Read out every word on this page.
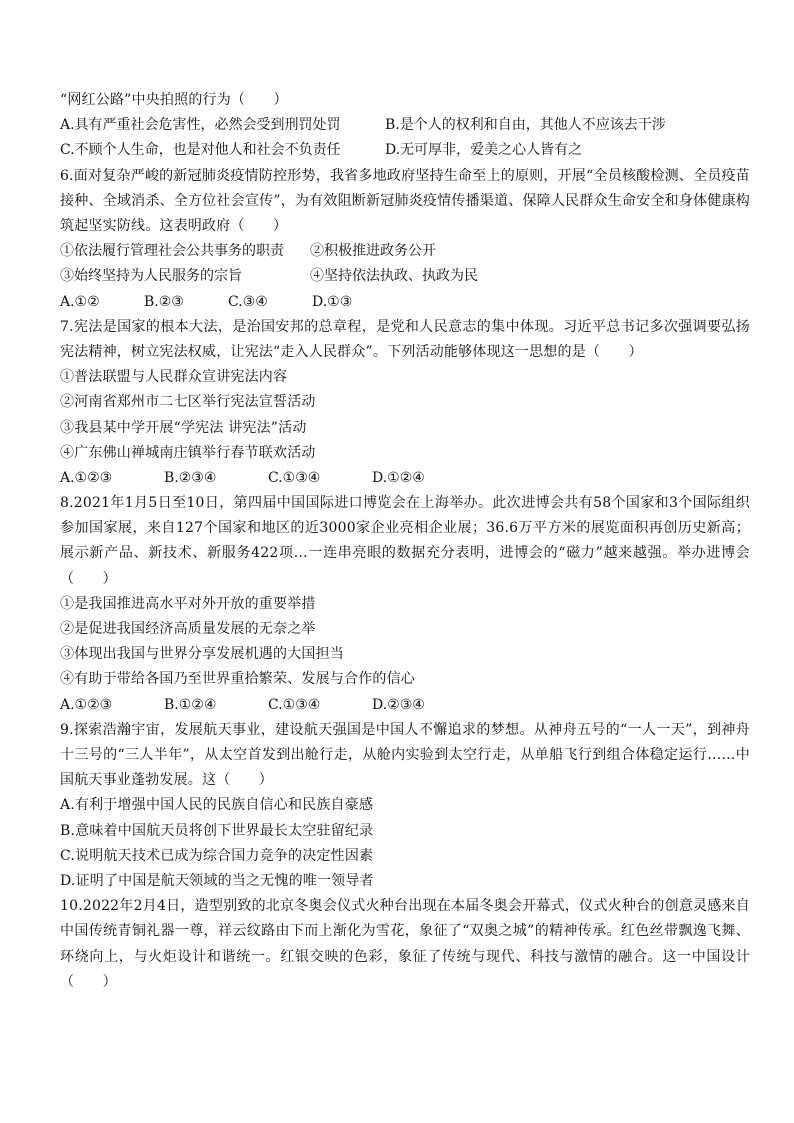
“网红公路”中央拍照的行为（　　）
A.具有严重社会危害性，必然会受到刑罚处罚	B.是个人的权利和自由，其他人不应该去干涉
C.不顾个人生命，也是对他人和社会不负责任	D.无可厚非，爱美之心人皆有之
6.面对复杂严峻的新冠肺炎疫情防控形势，我省多地政府坚持生命至上的原则，开展“全员核酸检测、全员疫苗接种、全域消杀、全方位社会宣传”，为有效阻断新冠肺炎疫情传播渠道、保障人民群众生命安全和身体健康构筑起坚实防线。这表明政府（　　）
①依法履行管理社会公共事务的职责	②积极推进政务公开
③始终坚持为人民服务的宗旨	④坚持依法执政、执政为民
A.①②	B.②③	C.③④	D.①③
7.宪法是国家的根本大法，是治国安邦的总章程，是党和人民意志的集中体现。习近平总书记多次强调要弘扬宪法精神，树立宪法权威，让宪法“走入人民群众”。下列活动能够体现这一思想的是（　　）
①普法联盟与人民群众宣讲宪法内容
②河南省郑州市二七区举行宪法宣誓活动
③我县某中学开展“学宪法 讲宪法”活动
④广东佛山禅城南庄镇举行春节联欢活动
A.①②③	B.②③④	C.①③④	D.①②④
8.2021年1月5日至10日，第四届中国国际进口博览会在上海举办。此次进博会共有58个国家和3个国际组织参加国家展，来自127个国家和地区的近3000家企业亮相企业展；36.6万平方米的展览面积再创历史新高；展示新产品、新技术、新服务422项…一连串亮眼的数据充分表明，进博会的“磁力”越来越强。举办进博会（　　）
①是我国推进高水平对外开放的重要举措
②是促进我国经济高质量发展的无奈之举
③体现出我国与世界分享发展机遇的大国担当
④有助于带给各国乃至世界重拾繁荣、发展与合作的信心
A.①②③	B.①②④	C.①③④	D.②③④
9.探索浩瀚宇宙，发展航天事业，建设航天强国是中国人不懈追求的梦想。从神舟五号的“一人一天”，到神舟十三号的“三人半年”，从太空首发到出舱行走，从舱内实验到太空行走，从单船飞行到组合体稳定运行……中国航天事业蓬勃发展。这（　　）
A.有利于增强中国人民的民族自信心和民族自豪感
B.意味着中国航天员将创下世界最长太空驻留纪录
C.说明航天技术已成为综合国力竞争的决定性因素
D.证明了中国是航天领域的当之无愧的唯一领导者
10.2022年2月4日，造型别致的北京冬奥会仪式火种台出现在本届冬奥会开幕式，仪式火种台的创意灵感来自中国传统青铜礼器一尊，祥云纹路由下而上渐化为雪花，象征了“双奥之城”的精神传承。红色丝带飘逸飞舞、环绕向上，与火炬设计和谐统一。红银交映的色彩，象征了传统与现代、科技与激情的融合。这一中国设计（　　）
